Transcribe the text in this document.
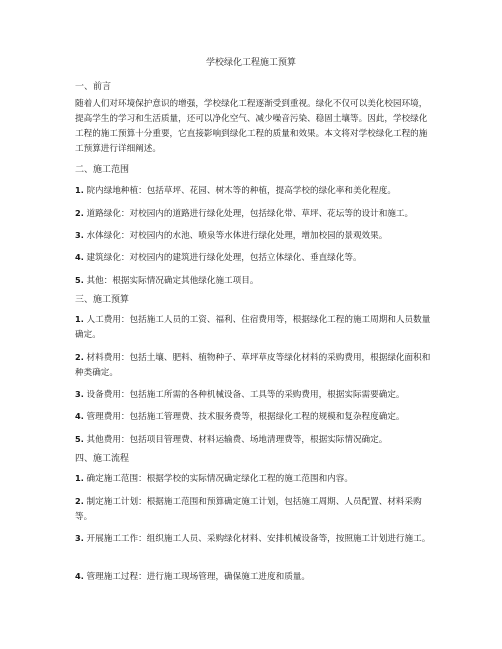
学校绿化工程施工预算
一、前言
随着人们对环境保护意识的增强，学校绿化工程逐渐受到重视。绿化不仅可以美化校园环境，提高学生的学习和生活质量，还可以净化空气、减少噪音污染、稳固土壤等。因此，学校绿化工程的施工预算十分重要，它直接影响到绿化工程的质量和效果。本文将对学校绿化工程的施工预算进行详细阐述。
二、施工范围
1. 院内绿地种植：包括草坪、花园、树木等的种植，提高学校的绿化率和美化程度。
2. 道路绿化：对校园内的道路进行绿化处理，包括绿化带、草坪、花坛等的设计和施工。
3. 水体绿化：对校园内的水池、喷泉等水体进行绿化处理，增加校园的景观效果。
4. 建筑绿化：对校园内的建筑进行绿化处理，包括立体绿化、垂直绿化等。
5. 其他：根据实际情况确定其他绿化施工项目。
三、施工预算
1. 人工费用：包括施工人员的工资、福利、住宿费用等，根据绿化工程的施工周期和人员数量确定。
2. 材料费用：包括土壤、肥料、植物种子、草坪草皮等绿化材料的采购费用，根据绿化面积和种类确定。
3. 设备费用：包括施工所需的各种机械设备、工具等的采购费用，根据实际需要确定。
4. 管理费用：包括施工管理费、技术服务费等，根据绿化工程的规模和复杂程度确定。
5. 其他费用：包括项目管理费、材料运输费、场地清理费等，根据实际情况确定。
四、施工流程
1. 确定施工范围：根据学校的实际情况确定绿化工程的施工范围和内容。
2. 制定施工计划：根据施工范围和预算确定施工计划，包括施工周期、人员配置、材料采购等。
3. 开展施工工作：组织施工人员、采购绿化材料、安排机械设备等，按照施工计划进行施工。
4. 管理施工过程：进行施工现场管理，确保施工进度和质量。
